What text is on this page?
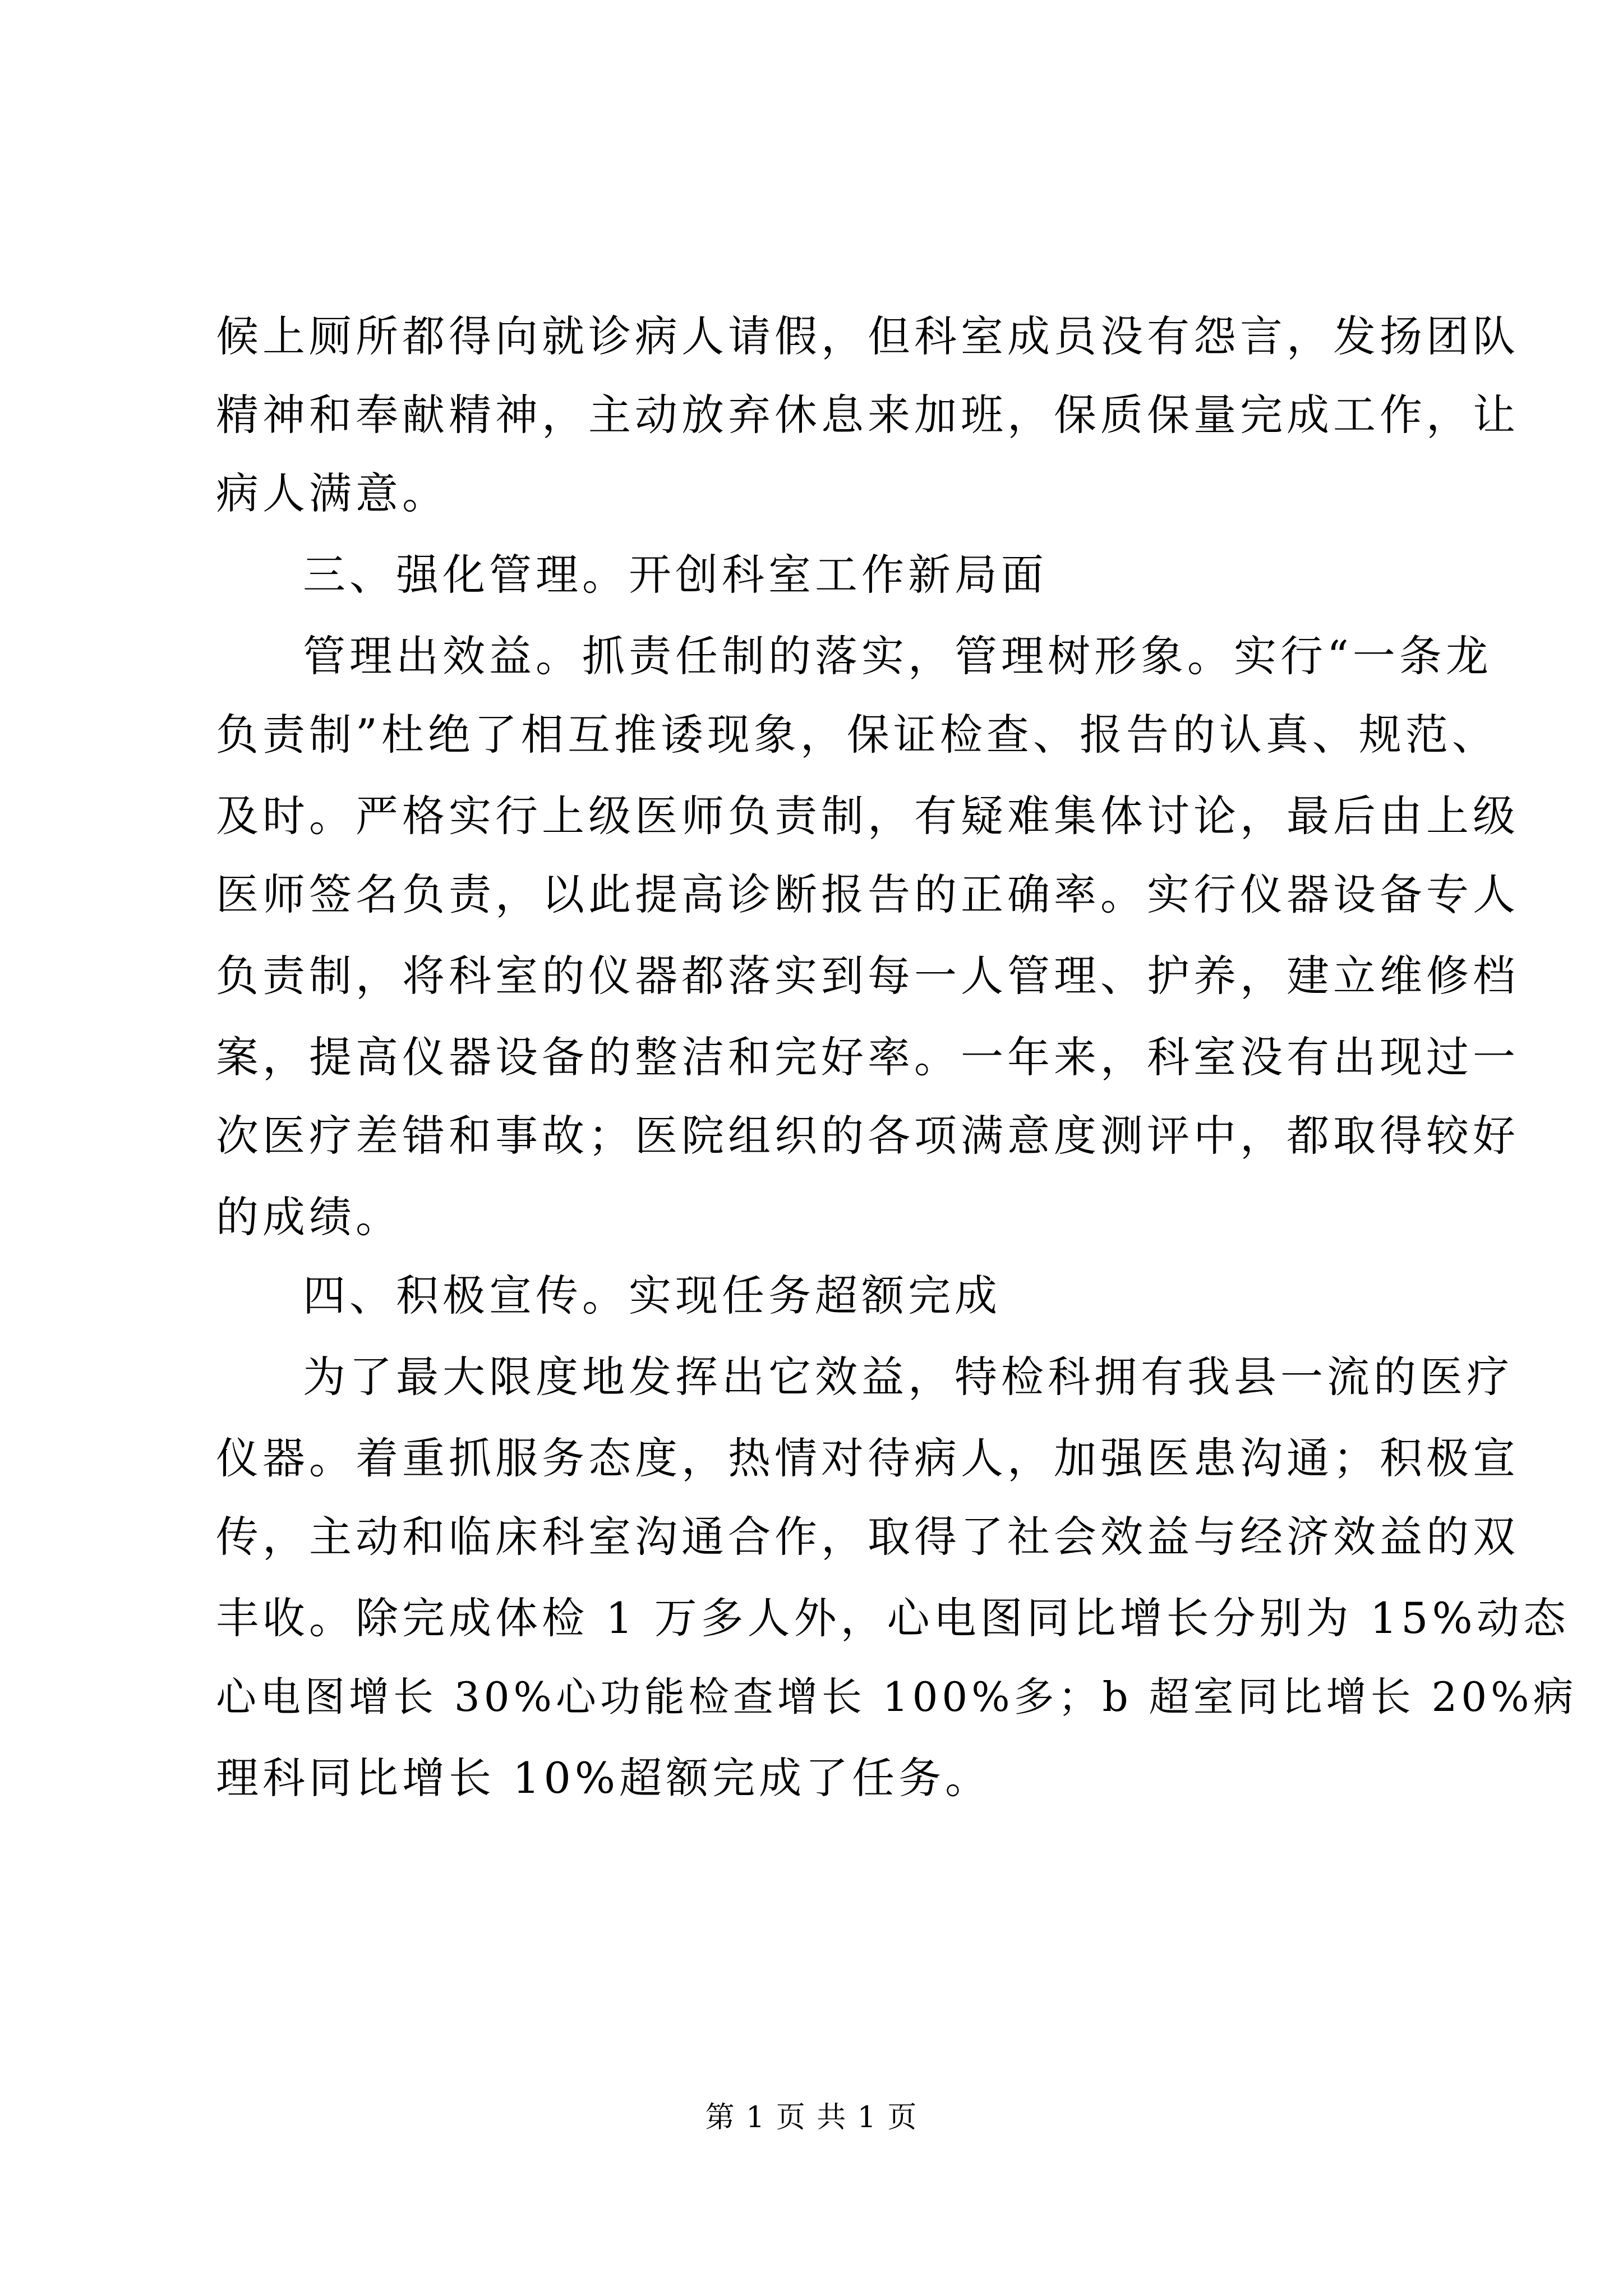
候上厕所都得向就诊病人请假，但科室成员没有怨言，发扬团队
精神和奉献精神，主动放弃休息来加班，保质保量完成工作，让
病人满意。
三、强化管理。开创科室工作新局面
管理出效益。抓责任制的落实，管理树形象。实行“一条龙
负责制”杜绝了相互推诿现象，保证检查、报告的认真、规范、
及时。严格实行上级医师负责制，有疑难集体讨论，最后由上级
医师签名负责，以此提高诊断报告的正确率。实行仪器设备专人
负责制，将科室的仪器都落实到每一人管理、护养，建立维修档
案，提高仪器设备的整洁和完好率。一年来，科室没有出现过一
次医疗差错和事故；医院组织的各项满意度测评中，都取得较好
的成绩。
四、积极宣传。实现任务超额完成
为了最大限度地发挥出它效益，特检科拥有我县一流的医疗
仪器。着重抓服务态度，热情对待病人，加强医患沟通；积极宣
传，主动和临床科室沟通合作，取得了社会效益与经济效益的双
丰收。除完成体检 1 万多人外，心电图同比增长分别为 15%动态
心电图增长 30%心功能检查增长 100%多；b 超室同比增长 20%病
理科同比增长 10%超额完成了任务。
第 1 页 共 1 页
